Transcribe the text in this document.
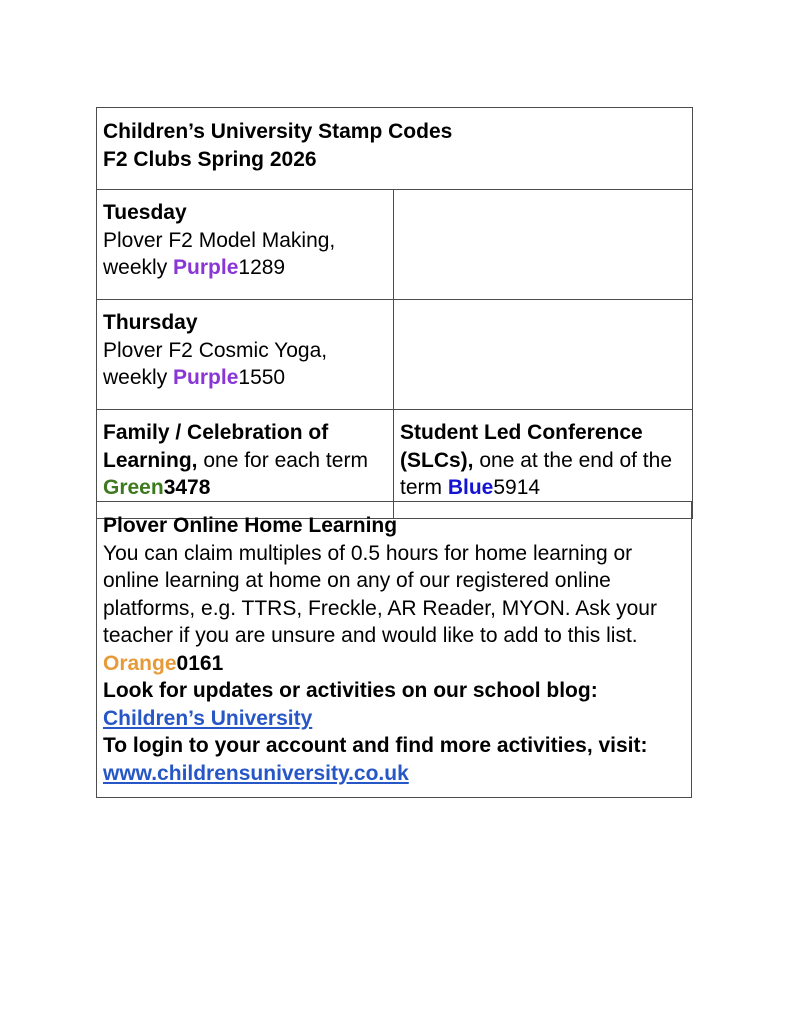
Children’s University Stamp Codes
F2 Clubs Spring 2026	

Tuesday
Plover F2 Model Making,
weekly Purple1289	

Thursday
Plover F2 Cosmic Yoga,
weekly Purple1550	

Family / Celebration of Learning, one for each term Green3478	Student Led Conference (SLCs), one at the end of the term Blue5914
Plover Online Home Learning
You can claim multiples of 0.5 hours for home learning or online learning at home on any of our registered online platforms, e.g. TTRS, Freckle, AR Reader, MYON. Ask your teacher if you are unsure and would like to add to this list.Orange0161
Look for updates or activities on our school blog:
Children’s University
To login to your account and find more activities, visit:
www.childrensuniversity.co.uk
